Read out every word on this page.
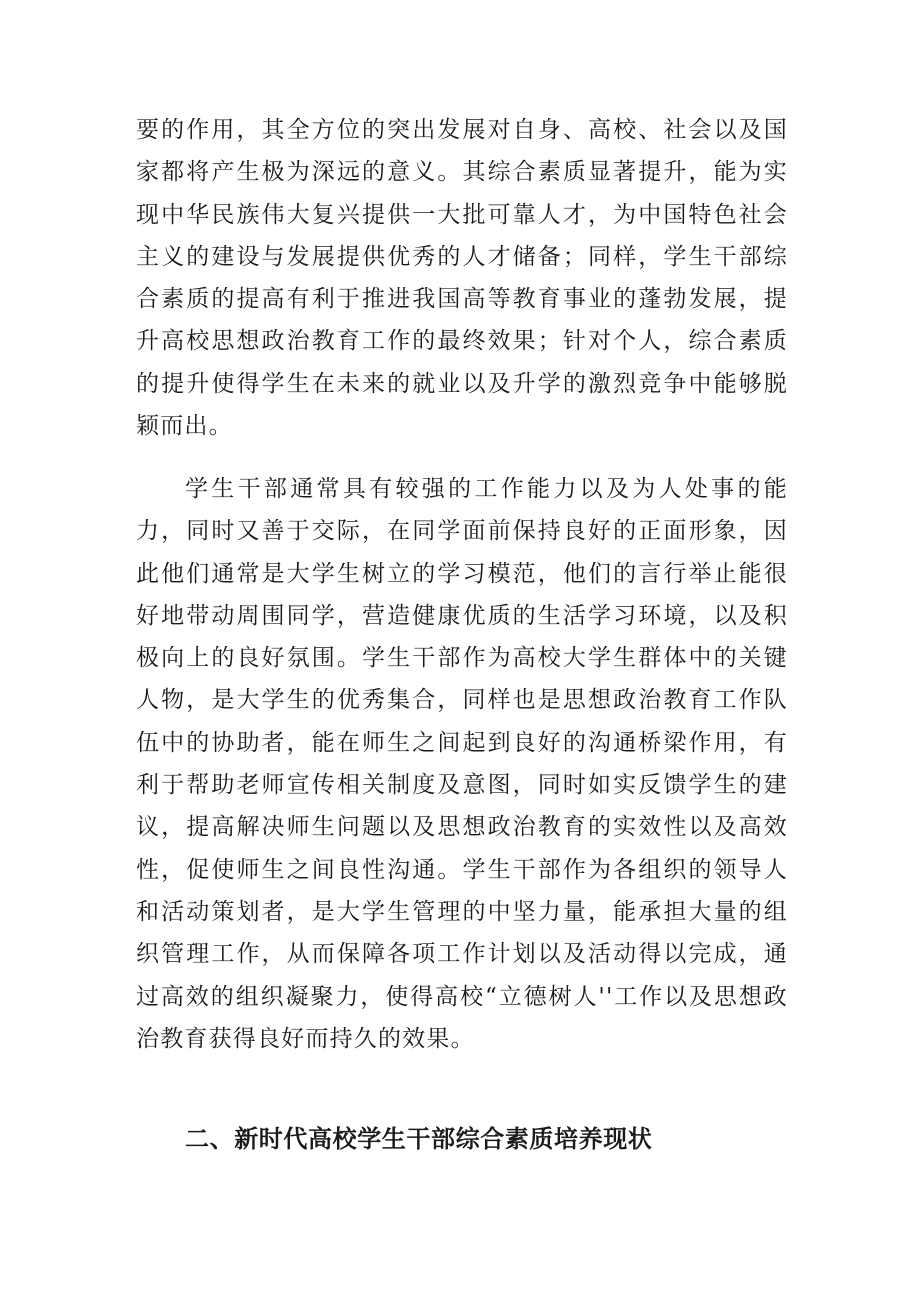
要的作用，其全方位的突出发展对自身、高校、社会以及国家都将产生极为深远的意义。其综合素质显著提升，能为实现中华民族伟大复兴提供一大批可靠人才，为中国特色社会主义的建设与发展提供优秀的人才储备；同样，学生干部综合素质的提高有利于推进我国高等教育事业的蓬勃发展，提升高校思想政治教育工作的最终效果；针对个人，综合素质的提升使得学生在未来的就业以及升学的激烈竞争中能够脱颖而出。

学生干部通常具有较强的工作能力以及为人处事的能力，同时又善于交际，在同学面前保持良好的正面形象，因此他们通常是大学生树立的学习模范，他们的言行举止能很好地带动周围同学，营造健康优质的生活学习环境，以及积极向上的良好氛围。学生干部作为高校大学生群体中的关键人物，是大学生的优秀集合，同样也是思想政治教育工作队伍中的协助者，能在师生之间起到良好的沟通桥梁作用，有利于帮助老师宣传相关制度及意图，同时如实反馈学生的建议，提高解决师生问题以及思想政治教育的实效性以及高效性，促使师生之间良性沟通。学生干部作为各组织的领导人和活动策划者，是大学生管理的中坚力量，能承担大量的组织管理工作，从而保障各项工作计划以及活动得以完成，通过高效的组织凝聚力，使得高校“立德树人''工作以及思想政治教育获得良好而持久的效果。

二、新时代高校学生干部综合素质培养现状
